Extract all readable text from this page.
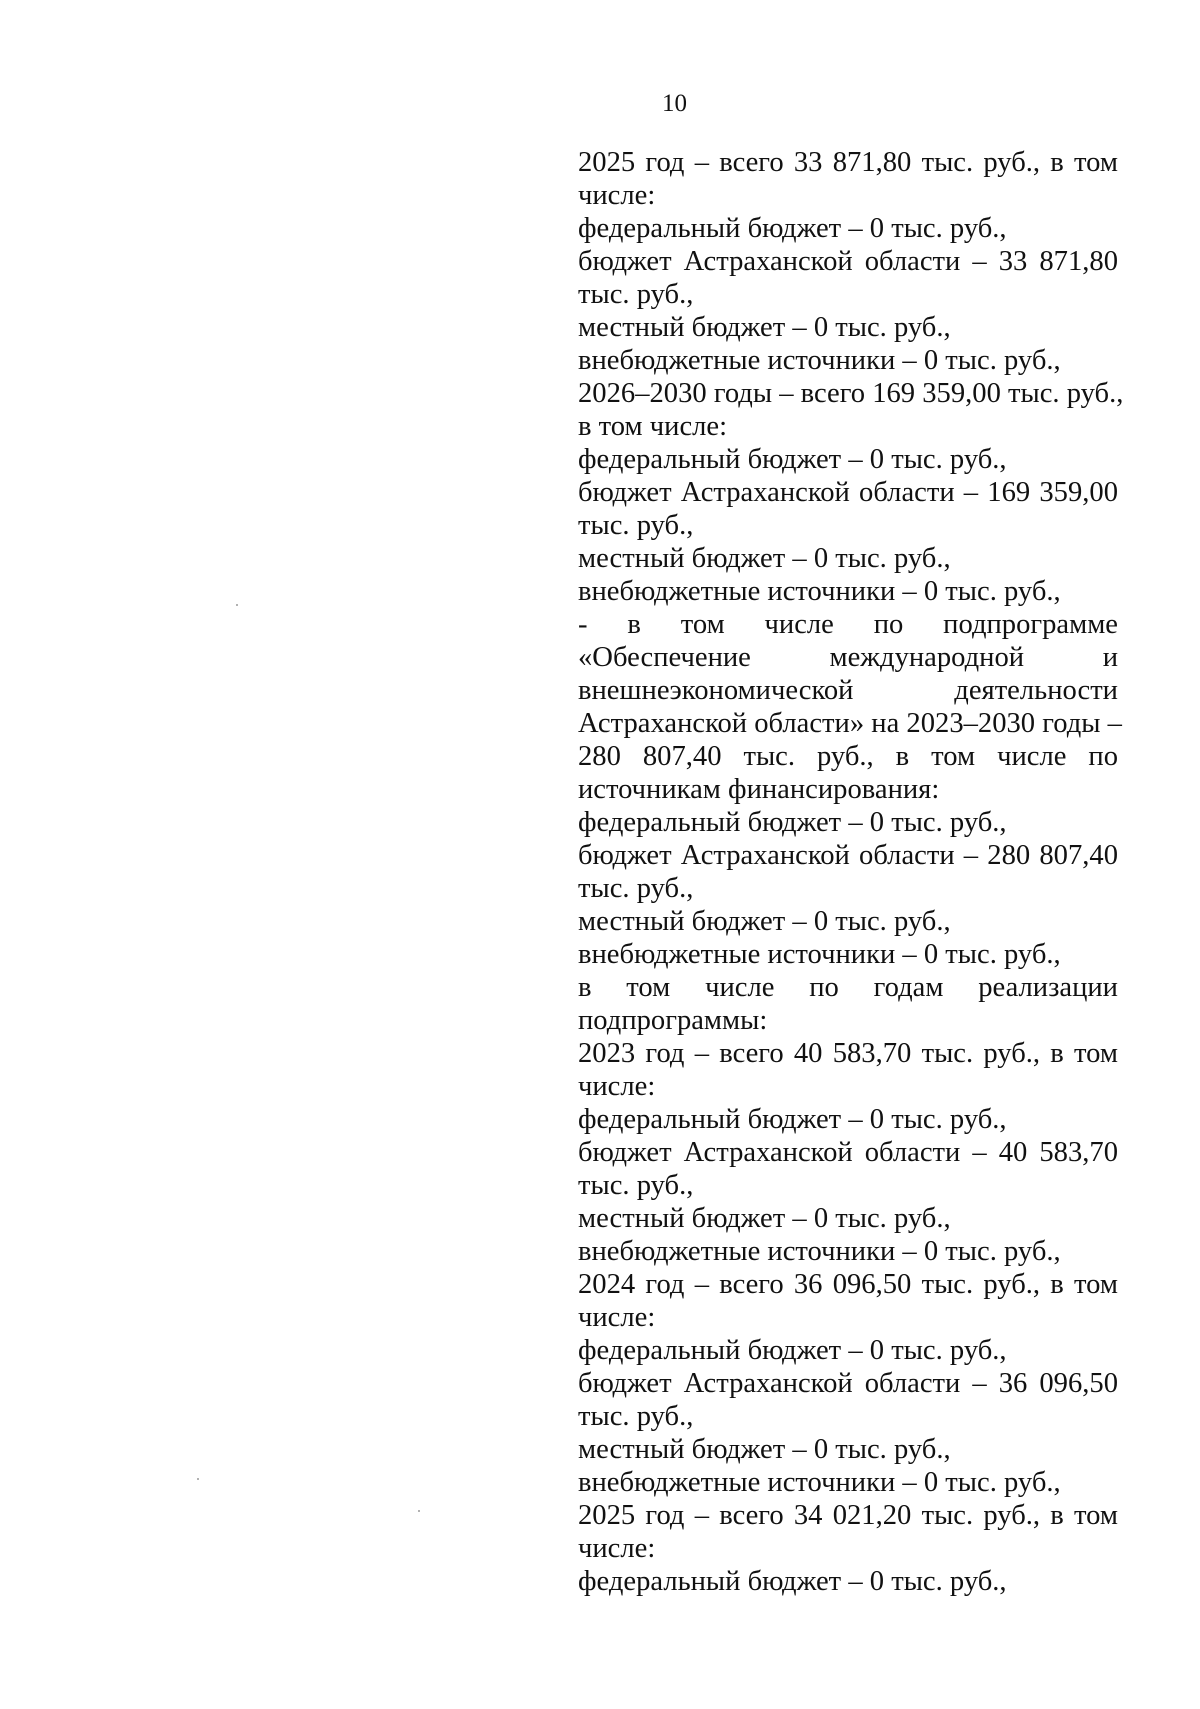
10
2025 год – всего 33 871,80 тыс. руб., в том
числе:
федеральный бюджет – 0 тыс. руб.,
бюджет Астраханской области – 33 871,80
тыс. руб.,
местный бюджет – 0 тыс. руб.,
внебюджетные источники – 0 тыс. руб.,
2026–2030 годы – всего 169 359,00 тыс. руб.,
в том числе:
федеральный бюджет – 0 тыс. руб.,
бюджет Астраханской области – 169 359,00
тыс. руб.,
местный бюджет – 0 тыс. руб.,
внебюджетные источники – 0 тыс. руб.,
- в том числе по подпрограмме
«Обеспечение международной и
внешнеэкономической деятельности
Астраханской области» на 2023–2030 годы –
280 807,40 тыс. руб., в том числе по
источникам финансирования:
федеральный бюджет – 0 тыс. руб.,
бюджет Астраханской области – 280 807,40
тыс. руб.,
местный бюджет – 0 тыс. руб.,
внебюджетные источники – 0 тыс. руб.,
в том числе по годам реализации
подпрограммы:
2023 год – всего 40 583,70 тыс. руб., в том
числе:
федеральный бюджет – 0 тыс. руб.,
бюджет Астраханской области – 40 583,70
тыс. руб.,
местный бюджет – 0 тыс. руб.,
внебюджетные источники – 0 тыс. руб.,
2024 год – всего 36 096,50 тыс. руб., в том
числе:
федеральный бюджет – 0 тыс. руб.,
бюджет Астраханской области – 36 096,50
тыс. руб.,
местный бюджет – 0 тыс. руб.,
внебюджетные источники – 0 тыс. руб.,
2025 год – всего 34 021,20 тыс. руб., в том
числе:
федеральный бюджет – 0 тыс. руб.,
